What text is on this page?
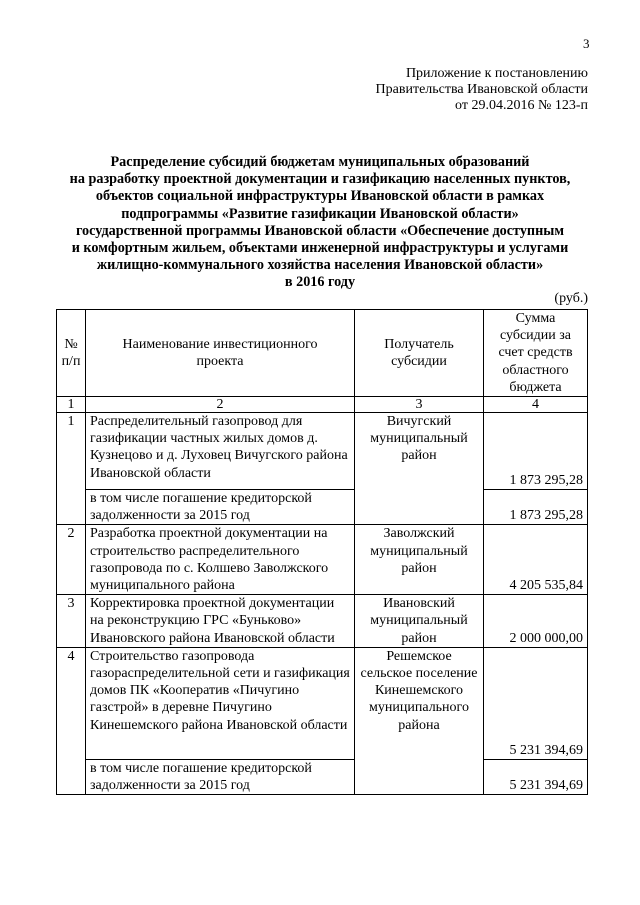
3
Приложение к постановлению
Правительства Ивановской области
от 29.04.2016 № 123-п
Распределение субсидий бюджетам муниципальных образований
на разработку проектной документации и газификацию населенных пунктов,
объектов социальной инфраструктуры Ивановской области в рамках
подпрограммы «Развитие газификации Ивановской области»
государственной программы Ивановской области «Обеспечение доступным
и комфортным жильем, объектами инженерной инфраструктуры и услугами
жилищно-коммунального хозяйства населения Ивановской области»
в 2016 году
(руб.)
№ п/п	Наименование инвестиционного проекта	Получатель субсидии	Сумма субсидии за счет средств областного бюджета
1	2	3	4
1	Распределительный газопровод для газификации частных жилых домов д. Кузнецово и д. Луховец Вичугского района Ивановской области	Вичугский муниципальный район	1 873 295,28
	в том числе погашение кредиторской задолженности за 2015 год		1 873 295,28
2	Разработка проектной документации на строительство распределительного газопровода по с. Колшево Заволжского муниципального района	Заволжский муниципальный район	4 205 535,84
3	Корректировка проектной документации на реконструкцию ГРС «Буньково» Ивановского района Ивановской области	Ивановский муниципальный район	2 000 000,00
4	Строительство газопровода газораспределительной сети и газификация домов ПК «Кооператив «Пичугино газстрой» в деревне Пичугино Кинешемского района Ивановской области	Решемское сельское поселение Кинешемского муниципального района	5 231 394,69
	в том числе погашение кредиторской задолженности за 2015 год		5 231 394,69
